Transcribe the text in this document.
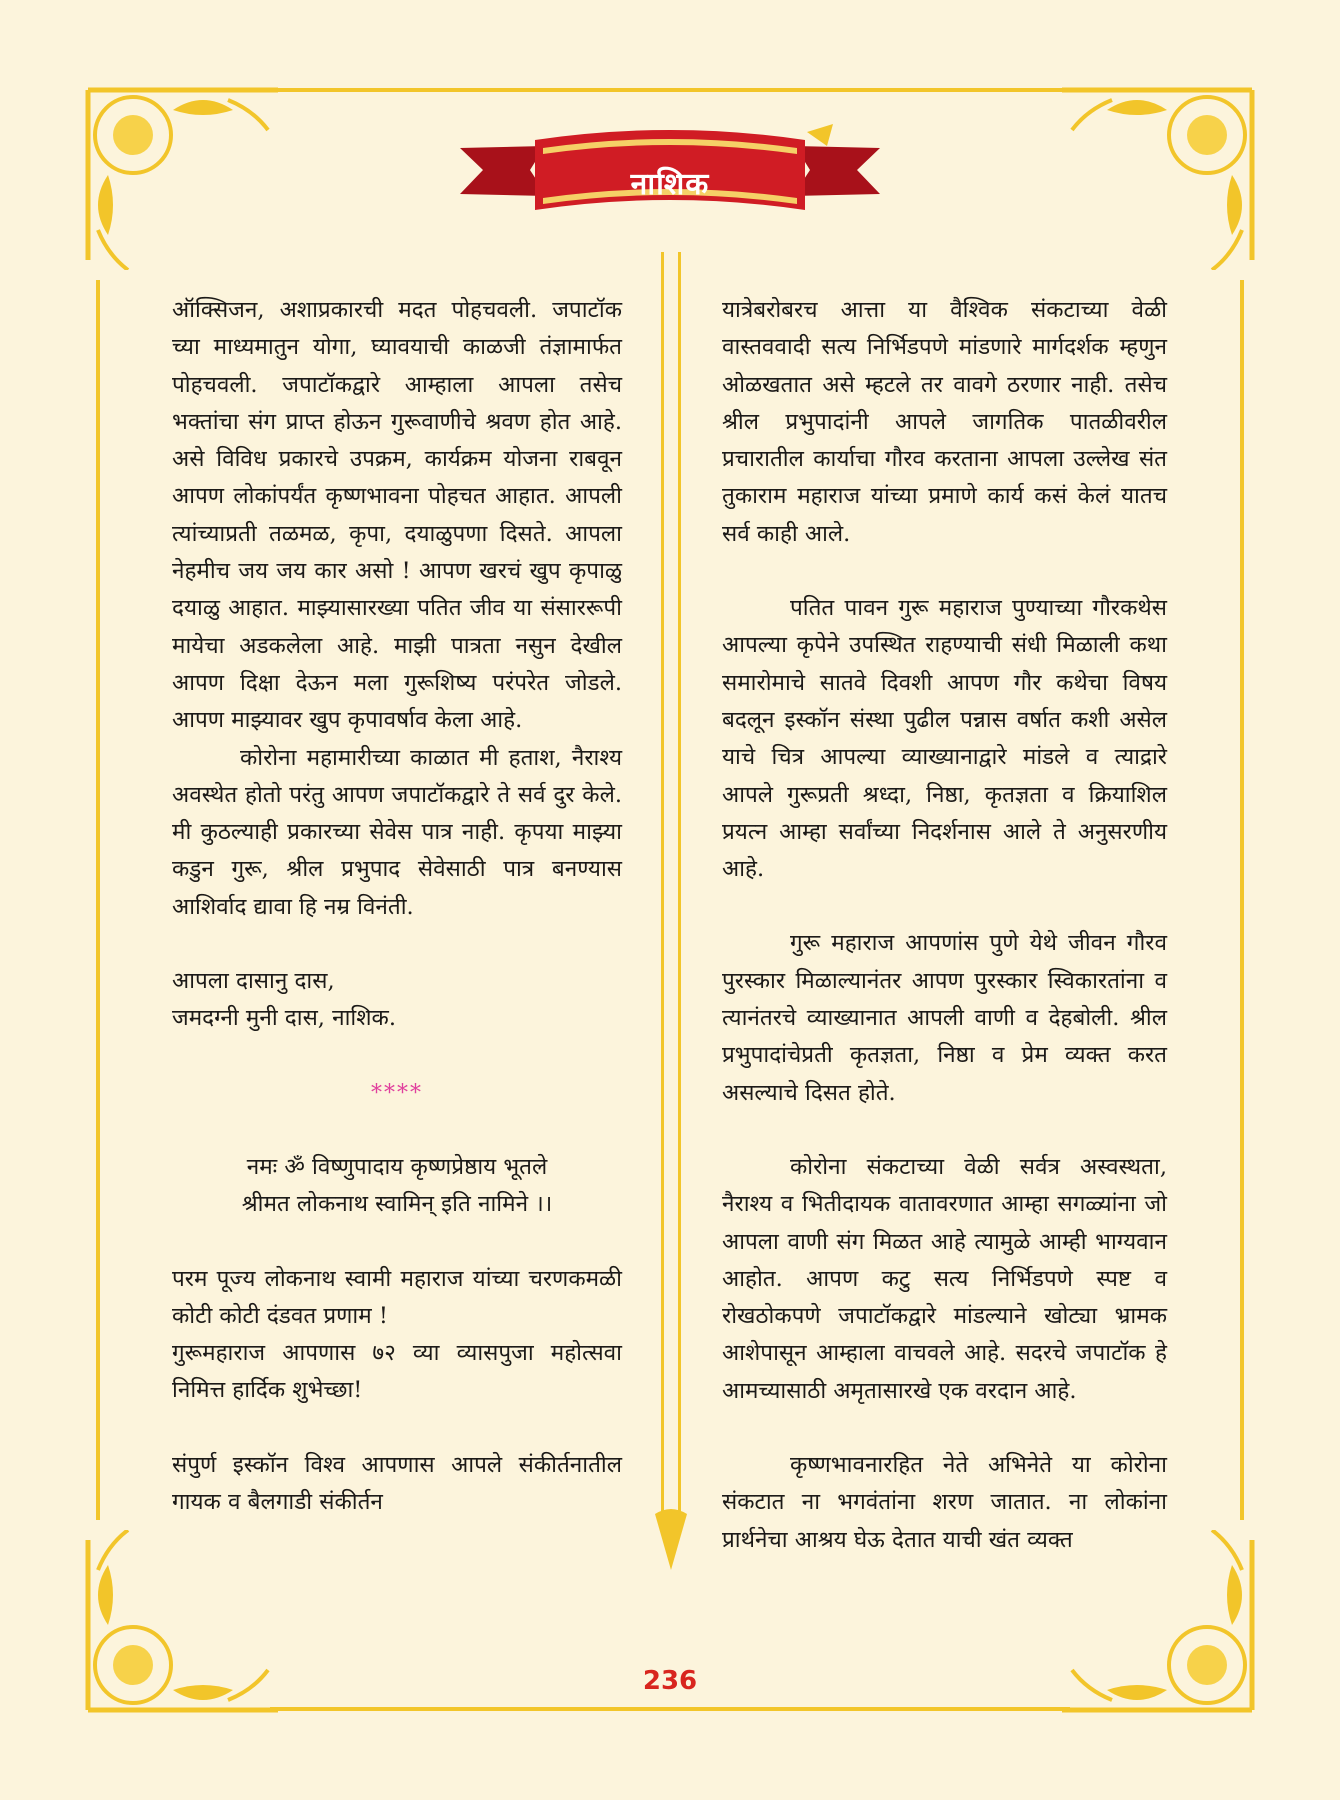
नाशिक

ऑक्सिजन, अशाप्रकारची मदत पोहचवली. जपाटॉक च्या माध्यमातुन योगा, घ्यावयाची काळजी तंज्ञामार्फत पोहचवली. जपाटॉकद्वारे आम्हाला आपला तसेच भक्तांचा संग प्राप्त होऊन गुरूवाणीचे श्रवण होत आहे. असे विविध प्रकारचे उपक्रम, कार्यक्रम योजना राबवून आपण लोकांपर्यंत कृष्णभावना पोहचत आहात. आपली त्यांच्याप्रती तळमळ, कृपा, दयाळुपणा दिसते. आपला नेहमीच जय जय कार असो ! आपण खरचं खुप कृपाळु दयाळु आहात. माझ्यासारख्या पतित जीव या संसाररूपी मायेचा अडकलेला आहे. माझी पात्रता नसुन देखील आपण दिक्षा देऊन मला गुरूशिष्य परंपरेत जोडले. आपण माझ्यावर खुप कृपावर्षाव केला आहे.

कोरोना महामारीच्या काळात मी हताश, नैराश्य अवस्थेत होतो परंतु आपण जपाटॉकद्वारे ते सर्व दुर केले. मी कुठल्याही प्रकारच्या सेवेस पात्र नाही. कृपया माझ्या कडुन गुरू, श्रील प्रभुपाद सेवेसाठी पात्र बनण्यास आशिर्वाद द्यावा हि नम्र विनंती.

आपला दासानु दास,

जमदग्नी मुनी दास, नाशिक.

****

नमः ॐ विष्णुपादाय कृष्णप्रेष्ठाय भूतले

श्रीमत लोकनाथ स्वामिन् इति नामिने ।।

परम पूज्य लोकनाथ स्वामी महाराज यांच्या चरणकमळी कोटी कोटी दंडवत प्रणाम !

गुरूमहाराज आपणास ७२ व्या व्यासपुजा महोत्सवा निमित्त हार्दिक शुभेच्छा!

संपुर्ण इस्कॉन विश्व आपणास आपले संकीर्तनातील गायक व बैलगाडी संकीर्तन

यात्रेबरोबरच आत्ता या वैश्विक संकटाच्या वेळी वास्तववादी सत्य निर्भिडपणे मांडणारे मार्गदर्शक म्हणुन ओळखतात असे म्हटले तर वावगे ठरणार नाही. तसेच श्रील प्रभुपादांनी आपले जागतिक पातळीवरील प्रचारातील कार्याचा गौरव करताना आपला उल्लेख संत तुकाराम महाराज यांच्या प्रमाणे कार्य कसं केलं यातच सर्व काही आले.

पतित पावन गुरू महाराज पुण्याच्या गौरकथेस आपल्या कृपेने उपस्थित राहण्याची संधी मिळाली कथा समारोमाचे सातवे दिवशी आपण गौर कथेचा विषय बदलून इस्कॉन संस्था पुढील पन्नास वर्षात कशी असेल याचे चित्र आपल्या व्याख्यानाद्वारे मांडले व त्याद्रारे आपले गुरूप्रती श्रध्दा, निष्ठा, कृतज्ञता व क्रियाशिल प्रयत्न आम्हा सर्वांच्या निदर्शनास आले ते अनुसरणीय आहे.

गुरू महाराज आपणांस पुणे येथे जीवन गौरव पुरस्कार मिळाल्यानंतर आपण पुरस्कार स्विकारतांना व त्यानंतरचे व्याख्यानात आपली वाणी व देहबोली. श्रील प्रभुपादांचेप्रती कृतज्ञता, निष्ठा व प्रेम व्यक्त करत असल्याचे दिसत होते.

कोरोना संकटाच्या वेळी सर्वत्र अस्वस्थता, नैराश्य व भितीदायक वातावरणात आम्हा सगळ्यांना जो आपला वाणी संग मिळत आहे त्यामुळे आम्ही भाग्यवान आहोत. आपण कटु सत्य निर्भिडपणे स्पष्ट व रोखठोकपणे जपाटॉकद्वारे मांडल्याने खोट्या भ्रामक आशेपासून आम्हाला वाचवले आहे. सदरचे जपाटॉक हे आमच्यासाठी अमृतासारखे एक वरदान आहे.

कृष्णभावनारहित नेते अभिनेते या कोरोना संकटात ना भगवंतांना शरण जातात. ना लोकांना प्रार्थनेचा आश्रय घेऊ देतात याची खंत व्यक्त

236
